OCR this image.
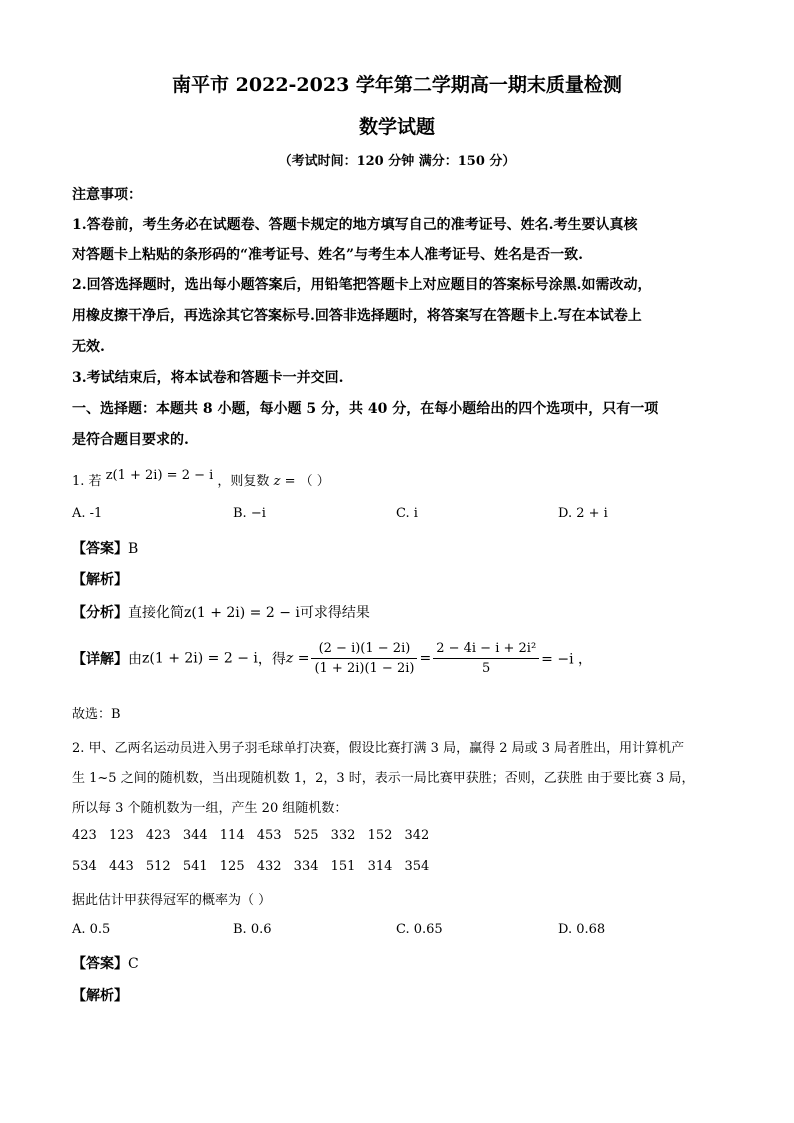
南平市 2022-2023 学年第二学期高一期末质量检测
数学试题
（考试时间：120 分钟 满分：150 分）
注意事项：
1.答卷前，考生务必在试题卷、答题卡规定的地方填写自己的准考证号、姓名.考生要认真核
对答题卡上粘贴的条形码的“准考证号、姓名”与考生本人准考证号、姓名是否一致.
2.回答选择题时，选出每小题答案后，用铅笔把答题卡上对应题目的答案标号涂黑.如需改动，
用橡皮擦干净后，再选涂其它答案标号.回答非选择题时，将答案写在答题卡上.写在本试卷上
无效.
3.考试结束后，将本试卷和答题卡一并交回.
一、选择题：本题共 8 小题，每小题 5 分，共 40 分，在每小题给出的四个选项中，只有一项
是符合题目要求的.
1. 若 z(1 + 2i) = 2 − i ，则复数 z = （ ）
A. -1	B. −i	C. i	D. 2 + i
【答案】B
【解析】
【分析】直接化简z(1 + 2i) = 2 − i可求得结果
【详解】由z(1 + 2i) = 2 − i，得$z = \frac{(2 - i)(1 - 2i)}{(1 + 2i)(1 - 2i)} = \frac{\text{2 − 4i − i + 2i²}}{5} = -i$ ，
故选：B
2. 甲、乙两名运动员进入男子羽毛球单打决赛，假设比赛打满 3 局，赢得 2 局或 3 局者胜出，用计算机产
生 1~5 之间的随机数，当出现随机数 1，2，3 时，表示一局比赛甲获胜；否则，乙获胜 由于要比赛 3 局，
所以每 3 个随机数为一组，产生 20 组随机数：
423 123 423 344 114 453 525 332 152 342
534 443 512 541 125 432 334 151 314 354
据此估计甲获得冠军的概率为（ ）
A. 0.5	B. 0.6	C. 0.65	D. 0.68
【答案】C
【解析】
